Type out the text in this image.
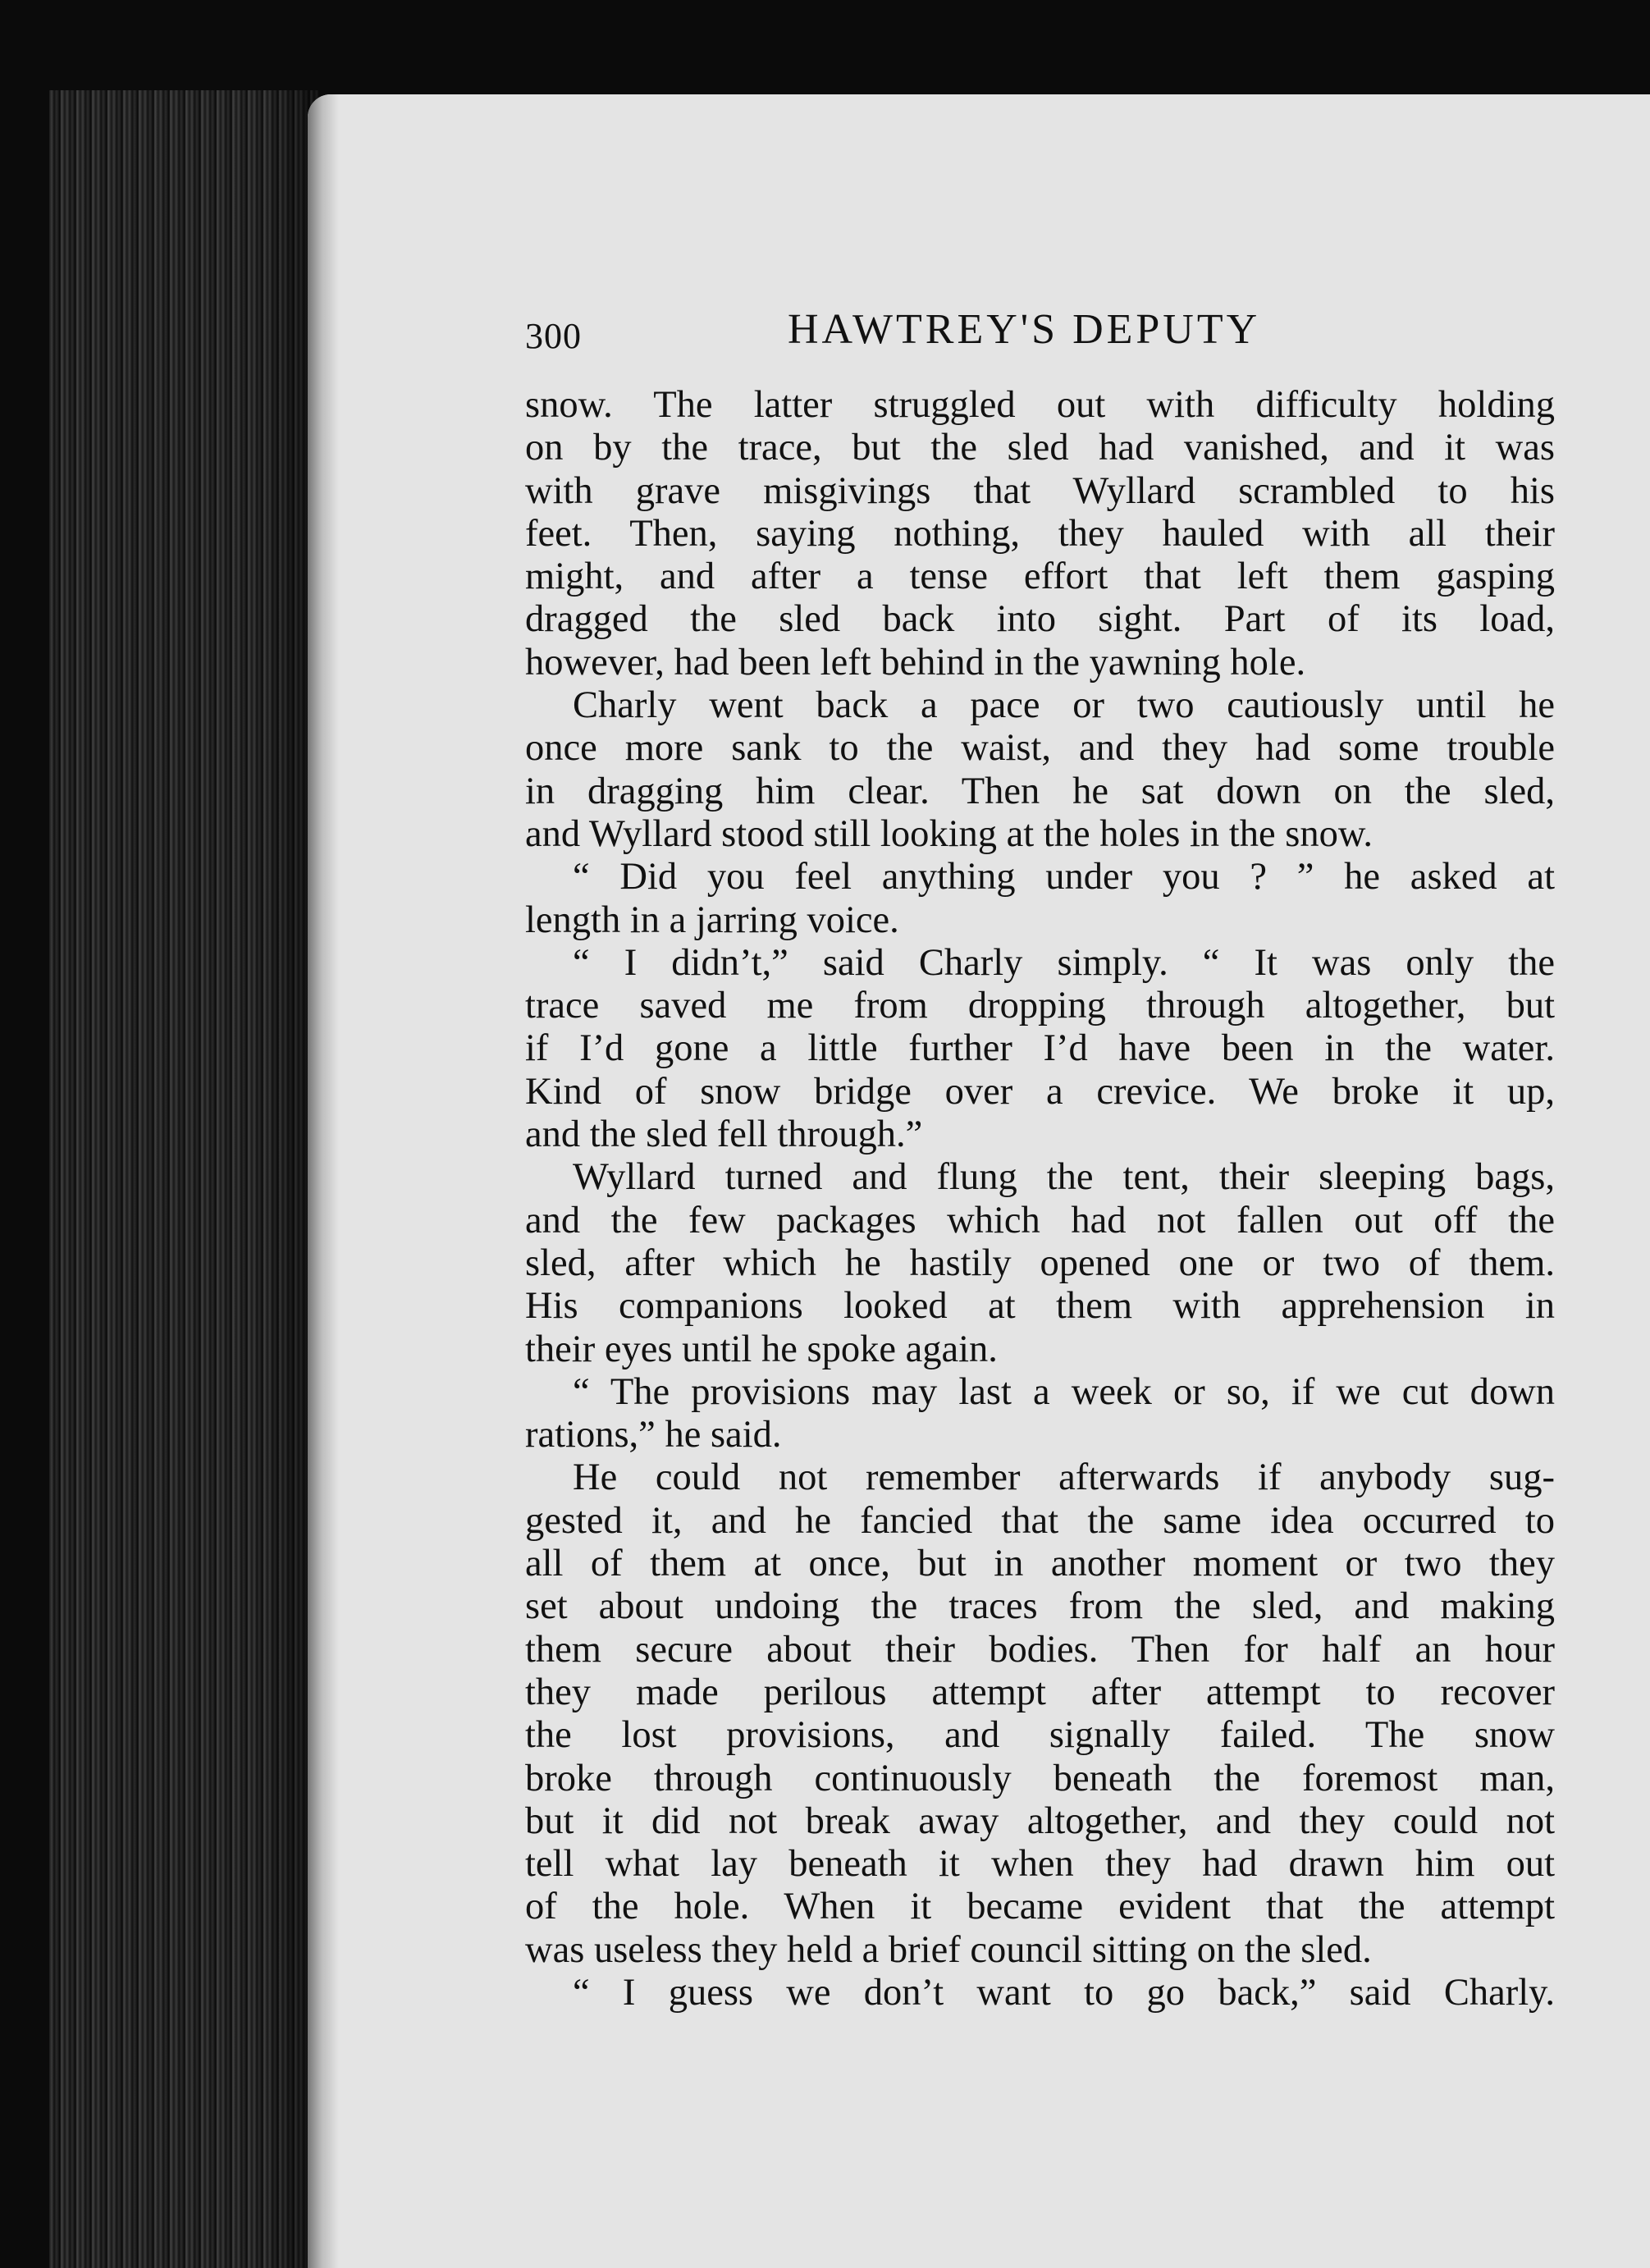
300	HAWTREY'S DEPUTY
snow. The latter struggled out with difficulty holding
on by the trace, but the sled had vanished, and it was
with grave misgivings that Wyllard scrambled to his
feet. Then, saying nothing, they hauled with all their
might, and after a tense effort that left them gasping
dragged the sled back into sight. Part of its load,
however, had been left behind in the yawning hole.
Charly went back a pace or two cautiously until he
once more sank to the waist, and they had some trouble
in dragging him clear. Then he sat down on the sled,
and Wyllard stood still looking at the holes in the snow.
“ Did you feel anything under you ? ” he asked at
length in a jarring voice.
“ I didn’t,” said Charly simply. “ It was only the
trace saved me from dropping through altogether, but
if I’d gone a little further I’d have been in the water.
Kind of snow bridge over a crevice. We broke it up,
and the sled fell through.”
Wyllard turned and flung the tent, their sleeping bags,
and the few packages which had not fallen out off the
sled, after which he hastily opened one or two of them.
His companions looked at them with apprehension in
their eyes until he spoke again.
“ The provisions may last a week or so, if we cut down
rations,” he said.
He could not remember afterwards if anybody sug-
gested it, and he fancied that the same idea occurred to
all of them at once, but in another moment or two they
set about undoing the traces from the sled, and making
them secure about their bodies. Then for half an hour
they made perilous attempt after attempt to recover
the lost provisions, and signally failed. The snow
broke through continuously beneath the foremost man,
but it did not break away altogether, and they could not
tell what lay beneath it when they had drawn him out
of the hole. When it became evident that the attempt
was useless they held a brief council sitting on the sled.
“ I guess we don’t want to go back,” said Charly.
